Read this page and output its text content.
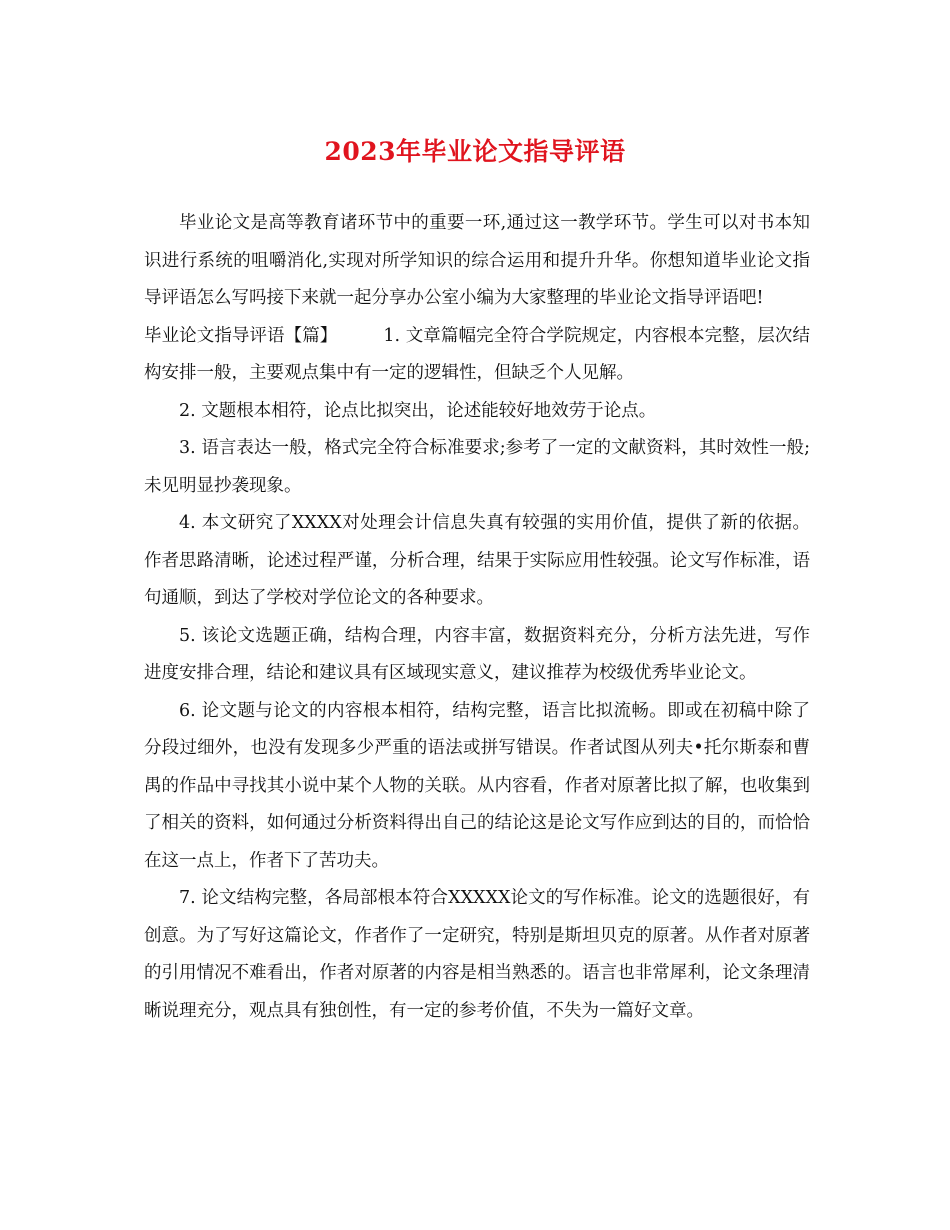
2023年毕业论文指导评语

毕业论文是高等教育诸环节中的重要一环,通过这一教学环节。学生可以对书本知识进行系统的咀嚼消化,实现对所学知识的综合运用和提升升华。你想知道毕业论文指导评语怎么写吗接下来就一起分享办公室小编为大家整理的毕业论文指导评语吧!

毕业论文指导评语【篇】	1. 文章篇幅完全符合学院规定，内容根本完整，层次结构安排一般，主要观点集中有一定的逻辑性，但缺乏个人见解。

2. 文题根本相符，论点比拟突出，论述能较好地效劳于论点。

3. 语言表达一般，格式完全符合标准要求;参考了一定的文献资料，其时效性一般;未见明显抄袭现象。

4. 本文研究了XXXX对处理会计信息失真有较强的实用价值，提供了新的依据。作者思路清晰，论述过程严谨，分析合理，结果于实际应用性较强。论文写作标准，语句通顺，到达了学校对学位论文的各种要求。

5. 该论文选题正确，结构合理，内容丰富，数据资料充分，分析方法先进，写作进度安排合理，结论和建议具有区域现实意义，建议推荐为校级优秀毕业论文。

6. 论文题与论文的内容根本相符，结构完整，语言比拟流畅。即或在初稿中除了分段过细外，也没有发现多少严重的语法或拼写错误。作者试图从列夫•托尔斯泰和曹禺的作品中寻找其小说中某个人物的关联。从内容看，作者对原著比拟了解，也收集到了相关的资料，如何通过分析资料得出自己的结论这是论文写作应到达的目的，而恰恰在这一点上，作者下了苦功夫。

7. 论文结构完整，各局部根本符合XXXXX论文的写作标准。论文的选题很好，有创意。为了写好这篇论文，作者作了一定研究，特别是斯坦贝克的原著。从作者对原著的引用情况不难看出，作者对原著的内容是相当熟悉的。语言也非常犀利，论文条理清晰说理充分，观点具有独创性，有一定的参考价值，不失为一篇好文章。
